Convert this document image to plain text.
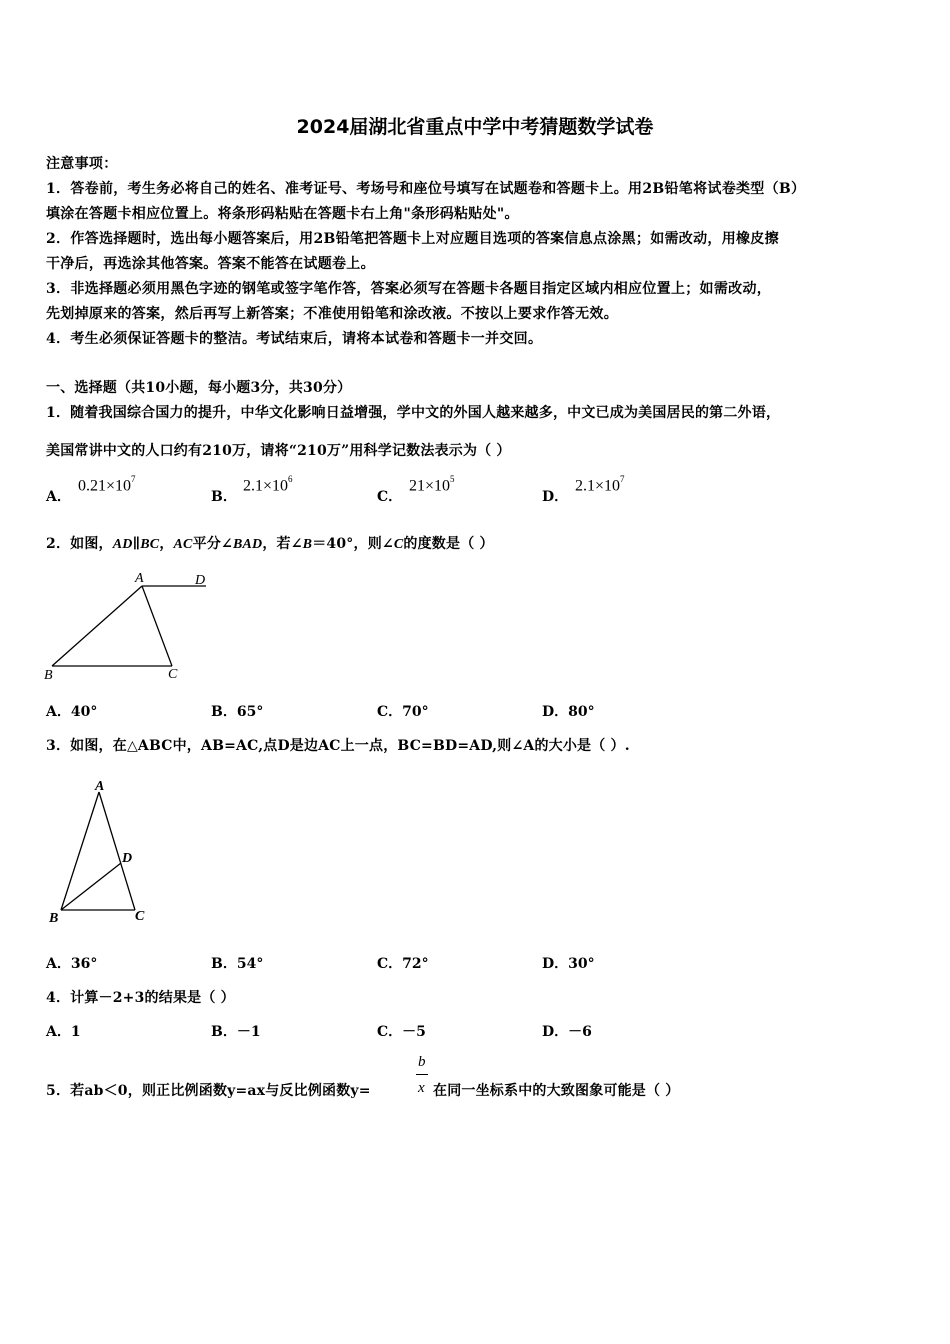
2024届湖北省重点中学中考猜题数学试卷
注意事项：
1．答卷前，考生务必将自己的姓名、准考证号、考场号和座位号填写在试题卷和答题卡上。用2B铅笔将试卷类型（B）
填涂在答题卡相应位置上。将条形码粘贴在答题卡右上角"条形码粘贴处"。
2．作答选择题时，选出每小题答案后，用2B铅笔把答题卡上对应题目选项的答案信息点涂黑；如需改动，用橡皮擦
干净后，再选涂其他答案。答案不能答在试题卷上。
3．非选择题必须用黑色字迹的钢笔或签字笔作答，答案必须写在答题卡各题目指定区域内相应位置上；如需改动，
先划掉原来的答案，然后再写上新答案；不准使用铅笔和涂改液。不按以上要求作答无效。
4．考生必须保证答题卡的整洁。考试结束后，请将本试卷和答题卡一并交回。
一、选择题（共10小题，每小题3分，共30分）
1．随着我国综合国力的提升，中华文化影响日益增强，学中文的外国人越来越多，中文已成为美国居民的第二外语，
美国常讲中文的人口约有210万，请将“210万”用科学记数法表示为（ ）
A．
$0.21\times 10^7$
B．
$2.1\times 10^6$
C．
$21\times 10^5$
D．
$2.1\times 10^7$
2．如图，AD∥BC，AC平分∠BAD，若∠B＝40°，则∠C的度数是（ ）
A	D
B	C
A．40°	B．65°	C．70°	D．80°
3．如图，在△ABC中，AB=AC,点D是边AC上一点，BC=BD=AD,则∠A的大小是（ ）.
A
D
B	C
A．36°	B．54°	C．72°	D．30°
4．计算－2+3的结果是（ ）
A．1	B．－1	C．－5	D．－6
5．若ab＜0，则正比例函数y=ax与反比例函数y=
b
x 在同一坐标系中的大致图象可能是（ ）
